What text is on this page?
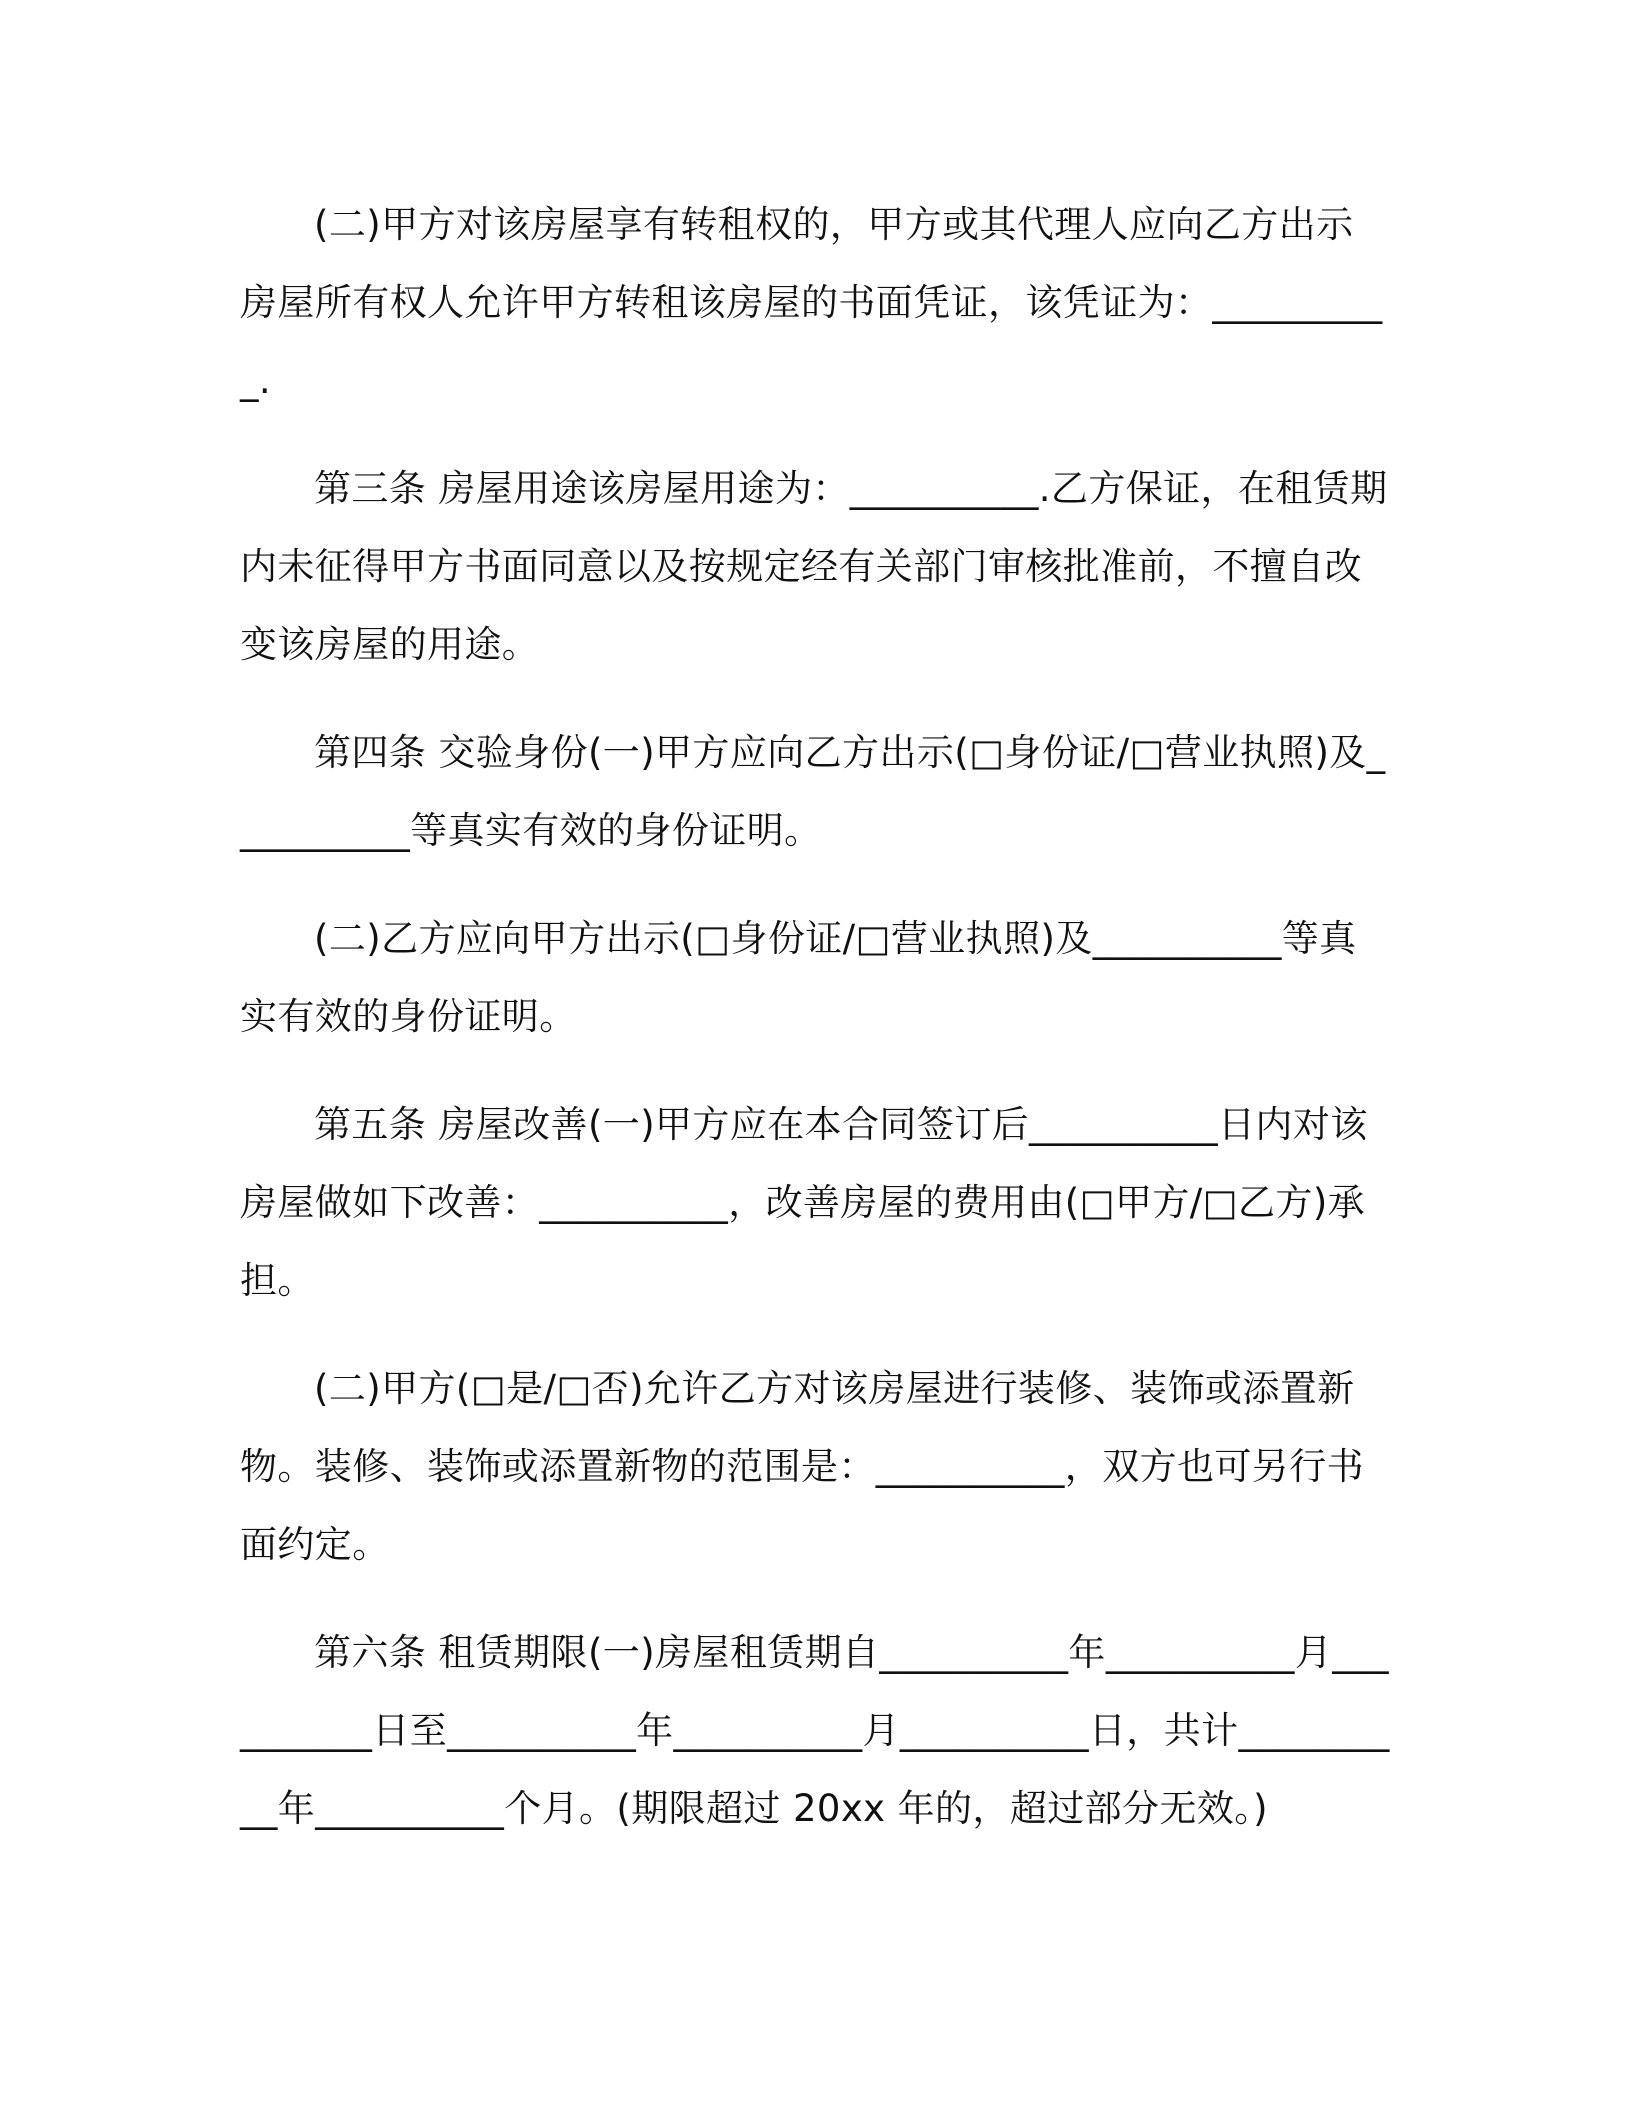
(二)甲方对该房屋享有转租权的，甲方或其代理人应向乙方出示房屋所有权人允许甲方转租该房屋的书面凭证，该凭证为：__________.

第三条 房屋用途该房屋用途为：__________.乙方保证，在租赁期内未征得甲方书面同意以及按规定经有关部门审核批准前，不擅自改变该房屋的用途。

第四条 交验身份(一)甲方应向乙方出示(□身份证/□营业执照)及__________等真实有效的身份证明。

(二)乙方应向甲方出示(□身份证/□营业执照)及__________等真实有效的身份证明。

第五条 房屋改善(一)甲方应在本合同签订后__________日内对该房屋做如下改善：__________，改善房屋的费用由(□甲方/□乙方)承担。

(二)甲方(□是/□否)允许乙方对该房屋进行装修、装饰或添置新物。装修、装饰或添置新物的范围是：__________，双方也可另行书面约定。

第六条 租赁期限(一)房屋租赁期自__________年__________月__________日至__________年__________月__________日，共计__________年__________个月。(期限超过 20xx 年的，超过部分无效。)
